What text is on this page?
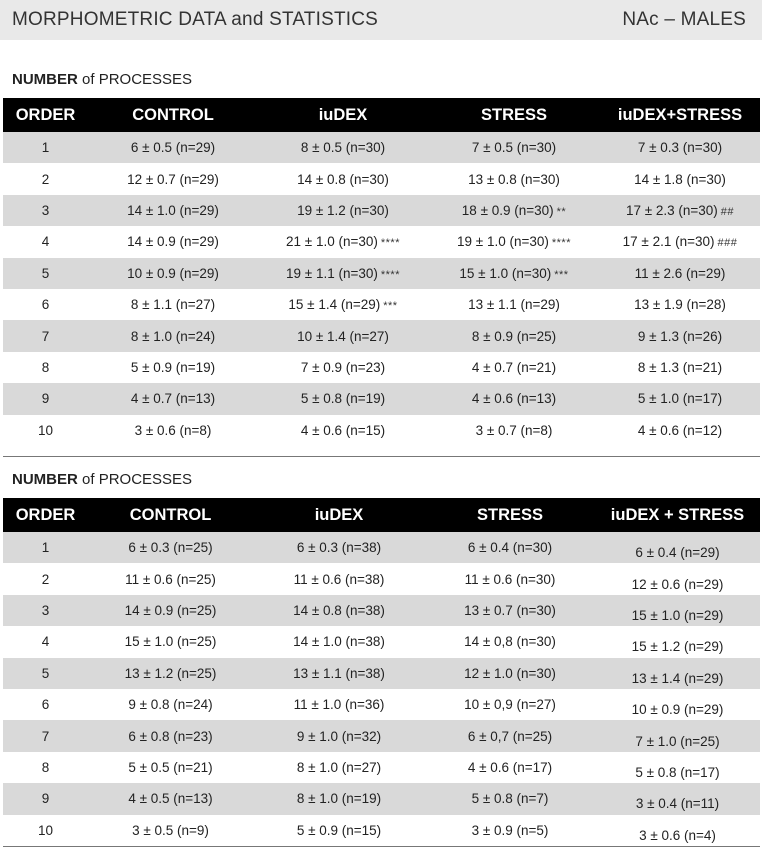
MORPHOMETRIC DATA and STATISTICS	NAc – MALES
NUMBER of PROCESSES
ORDER	CONTROL	iuDEX	STRESS	iuDEX+STRESS
1	6 ± 0.5 (n=29)	8 ± 0.5 (n=30)	7 ± 0.5 (n=30)	7 ± 0.3 (n=30)
2	12 ± 0.7 (n=29)	14 ± 0.8 (n=30)	13 ± 0.8 (n=30)	14 ± 1.8 (n=30)
3	14 ± 1.0 (n=29)	19 ± 1.2 (n=30)	18 ± 0.9 (n=30) **	17 ± 2.3 (n=30) ##
4	14 ± 0.9 (n=29)	21 ± 1.0 (n=30) ****	19 ± 1.0 (n=30) ****	17 ± 2.1 (n=30) ###
5	10 ± 0.9 (n=29)	19 ± 1.1 (n=30) ****	15 ± 1.0 (n=30) ***	11 ± 2.6 (n=29)
6	8 ± 1.1 (n=27)	15 ± 1.4 (n=29) ***	13 ± 1.1 (n=29)	13 ± 1.9 (n=28)
7	8 ± 1.0 (n=24)	10 ± 1.4 (n=27)	8 ± 0.9 (n=25)	9 ± 1.3 (n=26)
8	5 ± 0.9 (n=19)	7 ± 0.9 (n=23)	4 ± 0.7 (n=21)	8 ± 1.3 (n=21)
9	4 ± 0.7 (n=13)	5 ± 0.8 (n=19)	4 ± 0.6 (n=13)	5 ± 1.0 (n=17)
10	3 ± 0.6 (n=8)	4 ± 0.6 (n=15)	3 ± 0.7 (n=8)	4 ± 0.6 (n=12)
NUMBER of PROCESSES
ORDER	CONTROL	iuDEX	STRESS	iuDEX + STRESS
1	6 ± 0.3 (n=25)	6 ± 0.3 (n=38)	6 ± 0.4 (n=30)	6 ± 0.4 (n=29)
2	11 ± 0.6 (n=25)	11 ± 0.6 (n=38)	11 ± 0.6 (n=30)	12 ± 0.6 (n=29)
3	14 ± 0.9 (n=25)	14 ± 0.8 (n=38)	13 ± 0.7 (n=30)	15 ± 1.0 (n=29)
4	15 ± 1.0 (n=25)	14 ± 1.0 (n=38)	14 ± 0,8 (n=30)	15 ± 1.2 (n=29)
5	13 ± 1.2 (n=25)	13 ± 1.1 (n=38)	12 ± 1.0 (n=30)	13 ± 1.4 (n=29)
6	9 ± 0.8 (n=24)	11 ± 1.0 (n=36)	10 ± 0,9 (n=27)	10 ± 0.9 (n=29)
7	6 ± 0.8 (n=23)	9 ± 1.0 (n=32)	6 ± 0,7 (n=25)	7 ± 1.0 (n=25)
8	5 ± 0.5 (n=21)	8 ± 1.0 (n=27)	4 ± 0.6 (n=17)	5 ± 0.8 (n=17)
9	4 ± 0.5 (n=13)	8 ± 1.0 (n=19)	5 ± 0.8 (n=7)	3 ± 0.4 (n=11)
10	3 ± 0.5 (n=9)	5 ± 0.9 (n=15)	3 ± 0.9 (n=5)	3 ± 0.6 (n=4)
